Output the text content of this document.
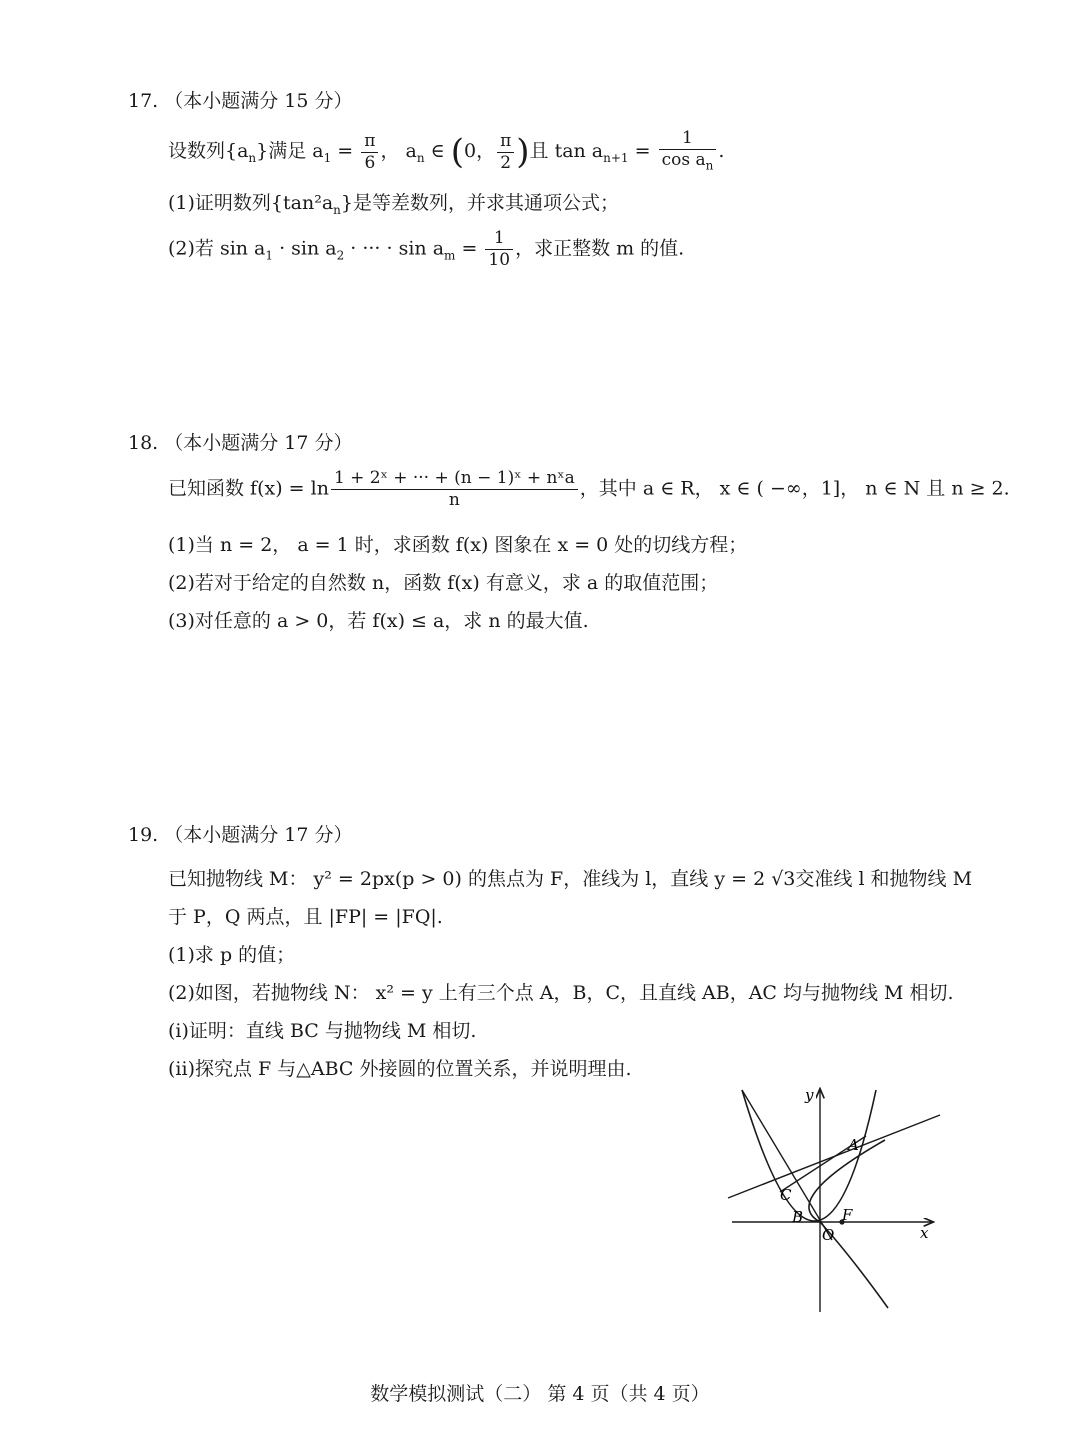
17. （本小题满分 15 分）
设数列$\{a_n\}$满足 $a_1 = \frac{\pi}{6}$ ， $a_n$ ∈ (0， $\frac{\pi}{2}$ )且 $\tan a_{n+1} = \frac{1}{\cos a_n}$ .
(1)证明数列$\{\tan^2a_n\}$是等差数列，并求其通项公式；
(2)若 $\sin a_1 \cdot \sin a_2$ · ··· · $\sin a_m = \frac{1}{10}$ ，求正整数 m 的值.
18. （本小题满分 17 分）
已知函数 $f(x) = \ln \frac{\text{1 + 2ˣ + ··· + (n − 1)ˣ + nˣa}}{n}$ ，其中 a ∈ R， x ∈ ( −∞，1]， n ∈ N 且 n ≥ 2.
(1)当 n = 2， a = 1 时，求函数 f(x) 图象在 x = 0 处的切线方程；
(2)若对于给定的自然数 n，函数 f(x) 有意义，求 a 的取值范围；
(3)对任意的 a > 0，若 f(x) ≤ a，求 n 的最大值.
19. （本小题满分 17 分）
已知抛物线 M： y² = 2px(p > 0) 的焦点为 F，准线为 l，直线 y = 2 √3交准线 l 和抛物线 M
于 P，Q 两点，且 |FP| = |FQ|.
(1)求 p 的值；
(2)如图，若抛物线 N： x² = y 上有三个点 A，B，C，且直线 AB，AC 均与抛物线 M 相切.
(i)证明：直线 BC 与抛物线 M 相切.
(ii)探究点 F 与△ABC 外接圆的位置关系，并说明理由.
y
x
A
C
B
O
F
数学模拟测试（二） 第 4 页（共 4 页）
